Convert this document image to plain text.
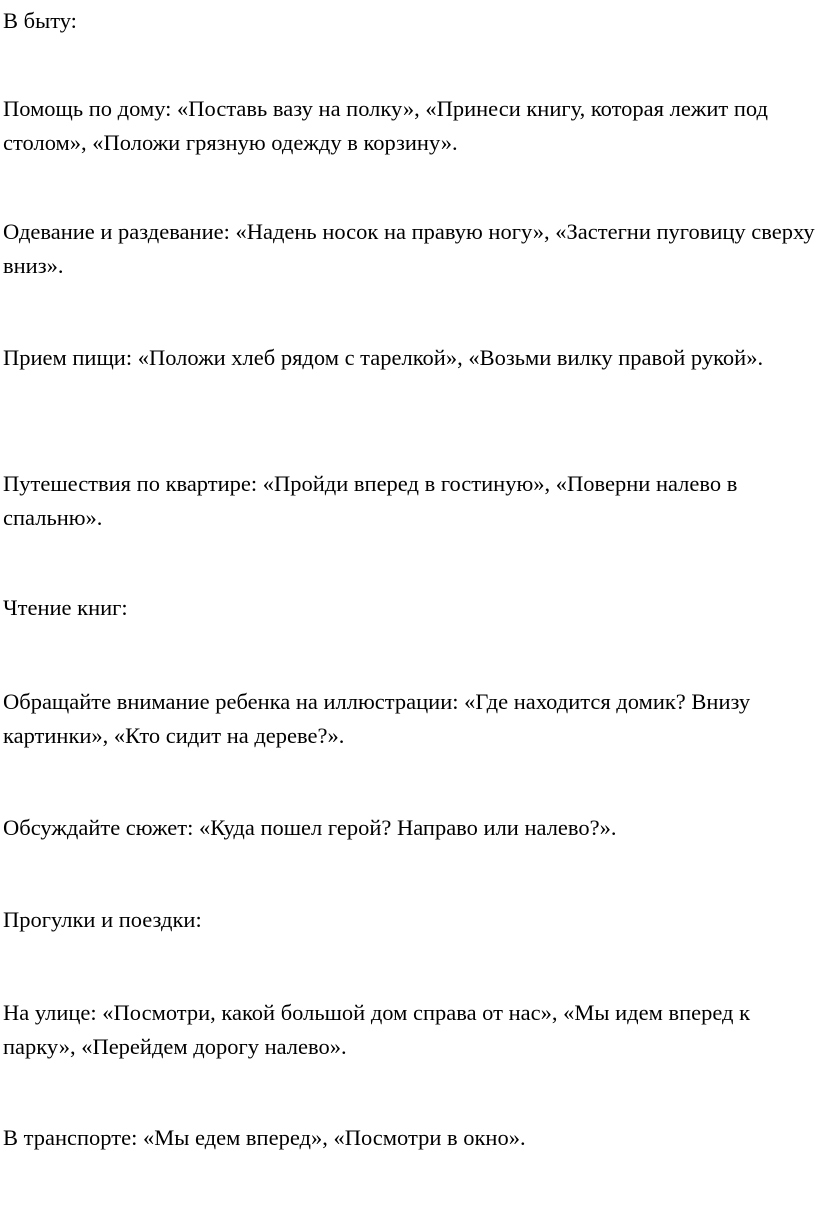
В быту:

Помощь по дому: «Поставь вазу на полку», «Принеси книгу, которая лежит под столом», «Положи грязную одежду в корзину».

Одевание и раздевание: «Надень носок на правую ногу», «Застегни пуговицу сверху вниз».

Прием пищи: «Положи хлеб рядом с тарелкой», «Возьми вилку правой рукой».

Путешествия по квартире: «Пройди вперед в гостиную», «Поверни налево в спальню».

Чтение книг:

Обращайте внимание ребенка на иллюстрации: «Где находится домик? Внизу картинки», «Кто сидит на дереве?».

Обсуждайте сюжет: «Куда пошел герой? Направо или налево?».

Прогулки и поездки:

На улице: «Посмотри, какой большой дом справа от нас», «Мы идем вперед к парку», «Перейдем дорогу налево».

В транспорте: «Мы едем вперед», «Посмотри в окно».
